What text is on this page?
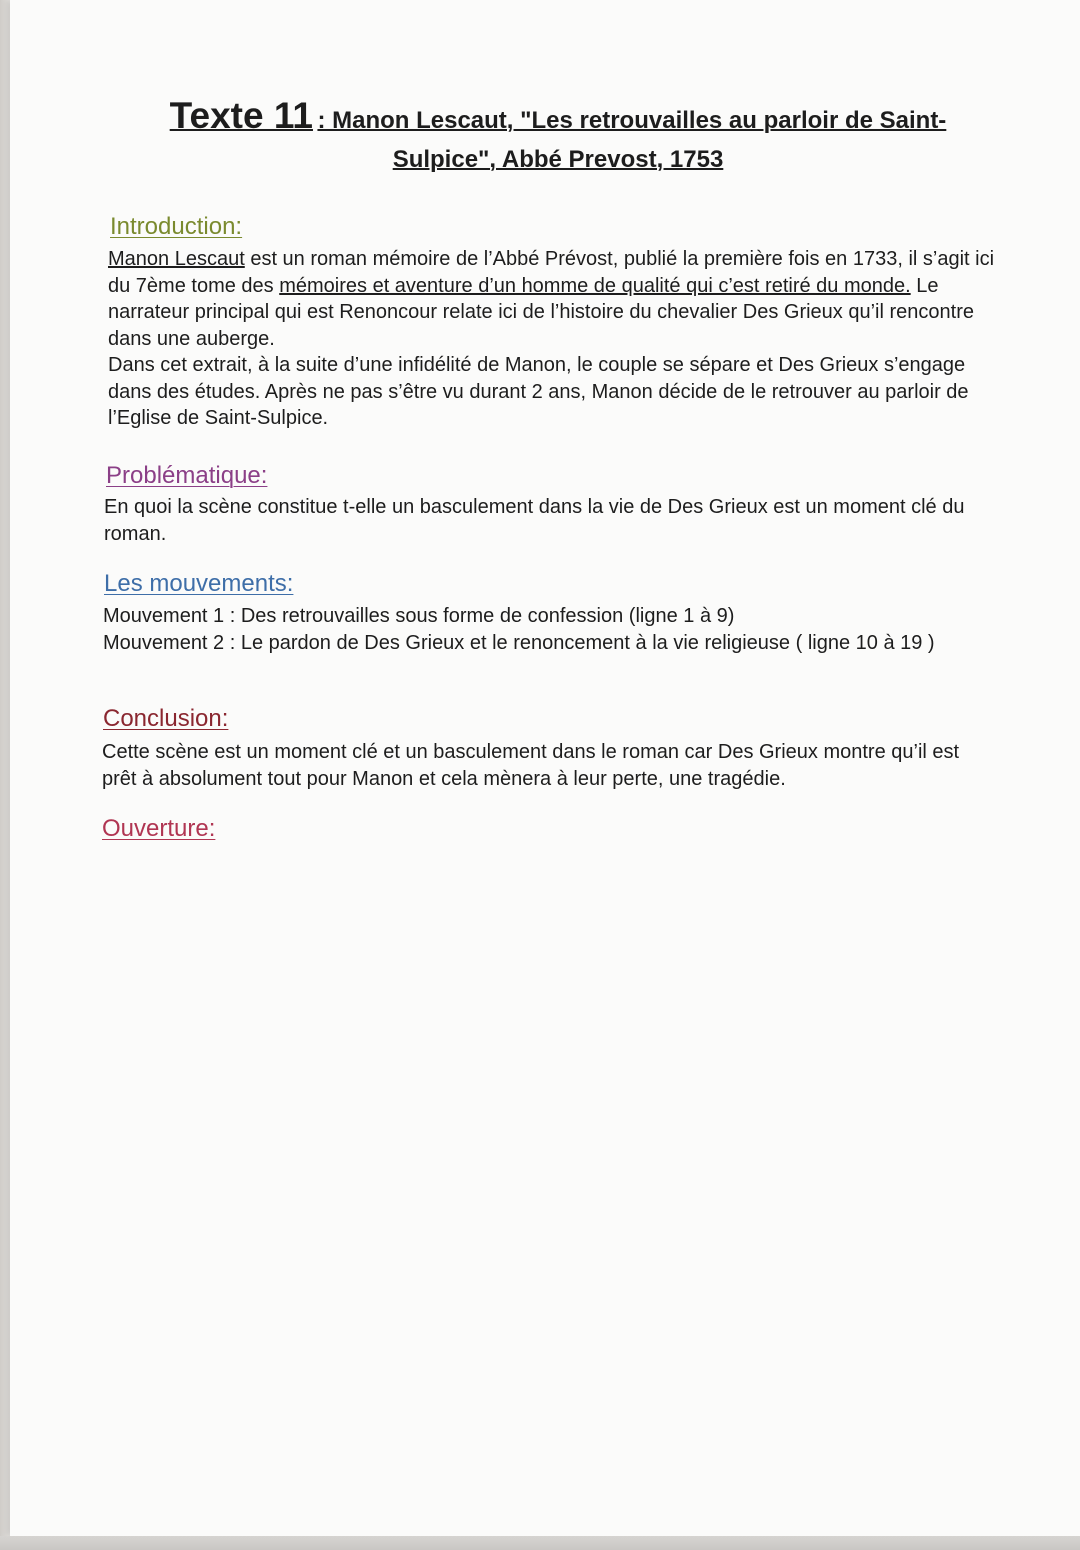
Texte 11 : Manon Lescaut, "Les retrouvailles au parloir de Saint-Sulpice", Abbé Prevost, 1753
Introduction:

Manon Lescaut est un roman mémoire de l’Abbé Prévost, publié la première fois en 1733, il s’agit ici du 7ème tome des mémoires et aventure d’un homme de qualité qui c’est retiré du monde. Le narrateur principal qui est Renoncour relate ici de l’histoire du chevalier Des Grieux qu’il rencontre dans une auberge.

Dans cet extrait, à la suite d’une infidélité de Manon, le couple se sépare et Des Grieux s’engage dans des études. Après ne pas s’être vu durant 2 ans, Manon décide de le retrouver au parloir de l’Eglise de Saint-Sulpice.

Problématique:
En quoi la scène constitue t-elle un basculement dans la vie de Des Grieux est un moment clé du roman.
Les mouvements:

Mouvement 1 : Des retrouvailles sous forme de confession (ligne 1 à 9)

Mouvement 2 : Le pardon de Des Grieux et le renoncement à la vie religieuse ( ligne 10 à 19 )

Conclusion:
Cette scène est un moment clé et un basculement dans le roman car Des Grieux montre qu’il est prêt à absolument tout pour Manon et cela mènera à leur perte, une tragédie.
Ouverture:
